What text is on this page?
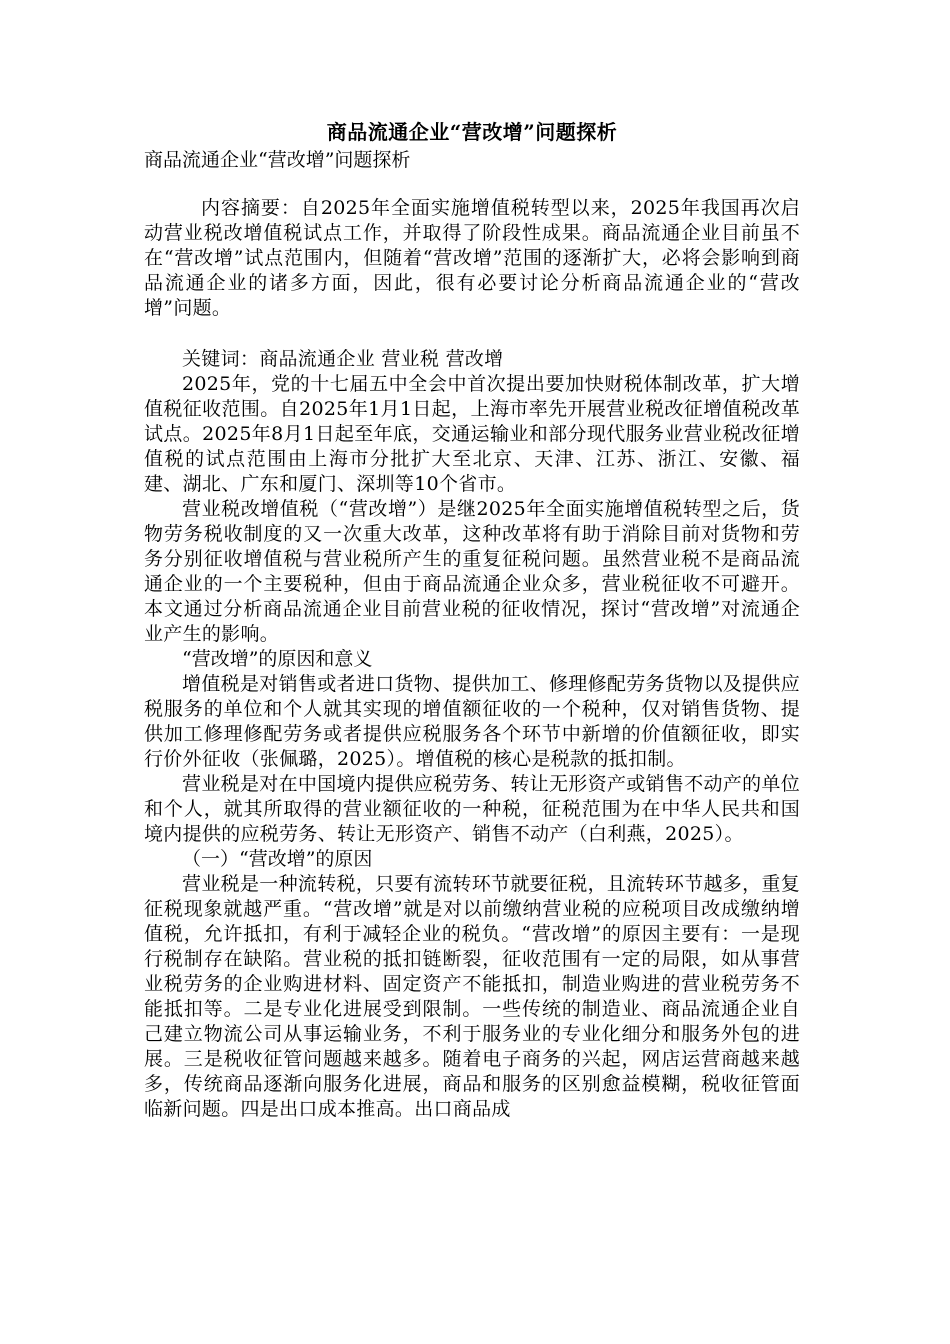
商品流通企业“营改增”问题探析

商品流通企业“营改增”问题探析

内容摘要：自2025年全面实施增值税转型以来，2025年我国再次启动营业税改增值税试点工作，并取得了阶段性成果。商品流通企业目前虽不在“营改增”试点范围内，但随着“营改增”范围的逐渐扩大，必将会影响到商品流通企业的诸多方面，因此，很有必要讨论分析商品流通企业的“营改增”问题。

关键词：商品流通企业 营业税 营改增

2025年，党的十七届五中全会中首次提出要加快财税体制改革，扩大增值税征收范围。自2025年1月1日起，上海市率先开展营业税改征增值税改革试点。2025年8月1日起至年底，交通运输业和部分现代服务业营业税改征增值税的试点范围由上海市分批扩大至北京、天津、江苏、浙江、安徽、福建、湖北、广东和厦门、深圳等10个省市。

营业税改增值税（“营改增”）是继2025年全面实施增值税转型之后，货物劳务税收制度的又一次重大改革，这种改革将有助于消除目前对货物和劳务分别征收增值税与营业税所产生的重复征税问题。虽然营业税不是商品流通企业的一个主要税种，但由于商品流通企业众多，营业税征收不可避开。本文通过分析商品流通企业目前营业税的征收情况，探讨“营改增”对流通企业产生的影响。

“营改增”的原因和意义

增值税是对销售或者进口货物、提供加工、修理修配劳务货物以及提供应税服务的单位和个人就其实现的增值额征收的一个税种，仅对销售货物、提供加工修理修配劳务或者提供应税服务各个环节中新增的价值额征收，即实行价外征收（张佩璐，2025）。增值税的核心是税款的抵扣制。

营业税是对在中国境内提供应税劳务、转让无形资产或销售不动产的单位和个人，就其所取得的营业额征收的一种税，征税范围为在中华人民共和国境内提供的应税劳务、转让无形资产、销售不动产（白利燕，2025）。

（一）“营改增”的原因

营业税是一种流转税，只要有流转环节就要征税，且流转环节越多，重复征税现象就越严重。“营改增”就是对以前缴纳营业税的应税项目改成缴纳增值税，允许抵扣，有利于减轻企业的税负。“营改增”的原因主要有：一是现行税制存在缺陷。营业税的抵扣链断裂，征收范围有一定的局限，如从事营业税劳务的企业购进材料、固定资产不能抵扣，制造业购进的营业税劳务不能抵扣等。二是专业化进展受到限制。一些传统的制造业、商品流通企业自己建立物流公司从事运输业务，不利于服务业的专业化细分和服务外包的进展。三是税收征管问题越来越多。随着电子商务的兴起，网店运营商越来越多，传统商品逐渐向服务化进展，商品和服务的区别愈益模糊，税收征管面临新问题。四是出口成本推高。出口商品成
